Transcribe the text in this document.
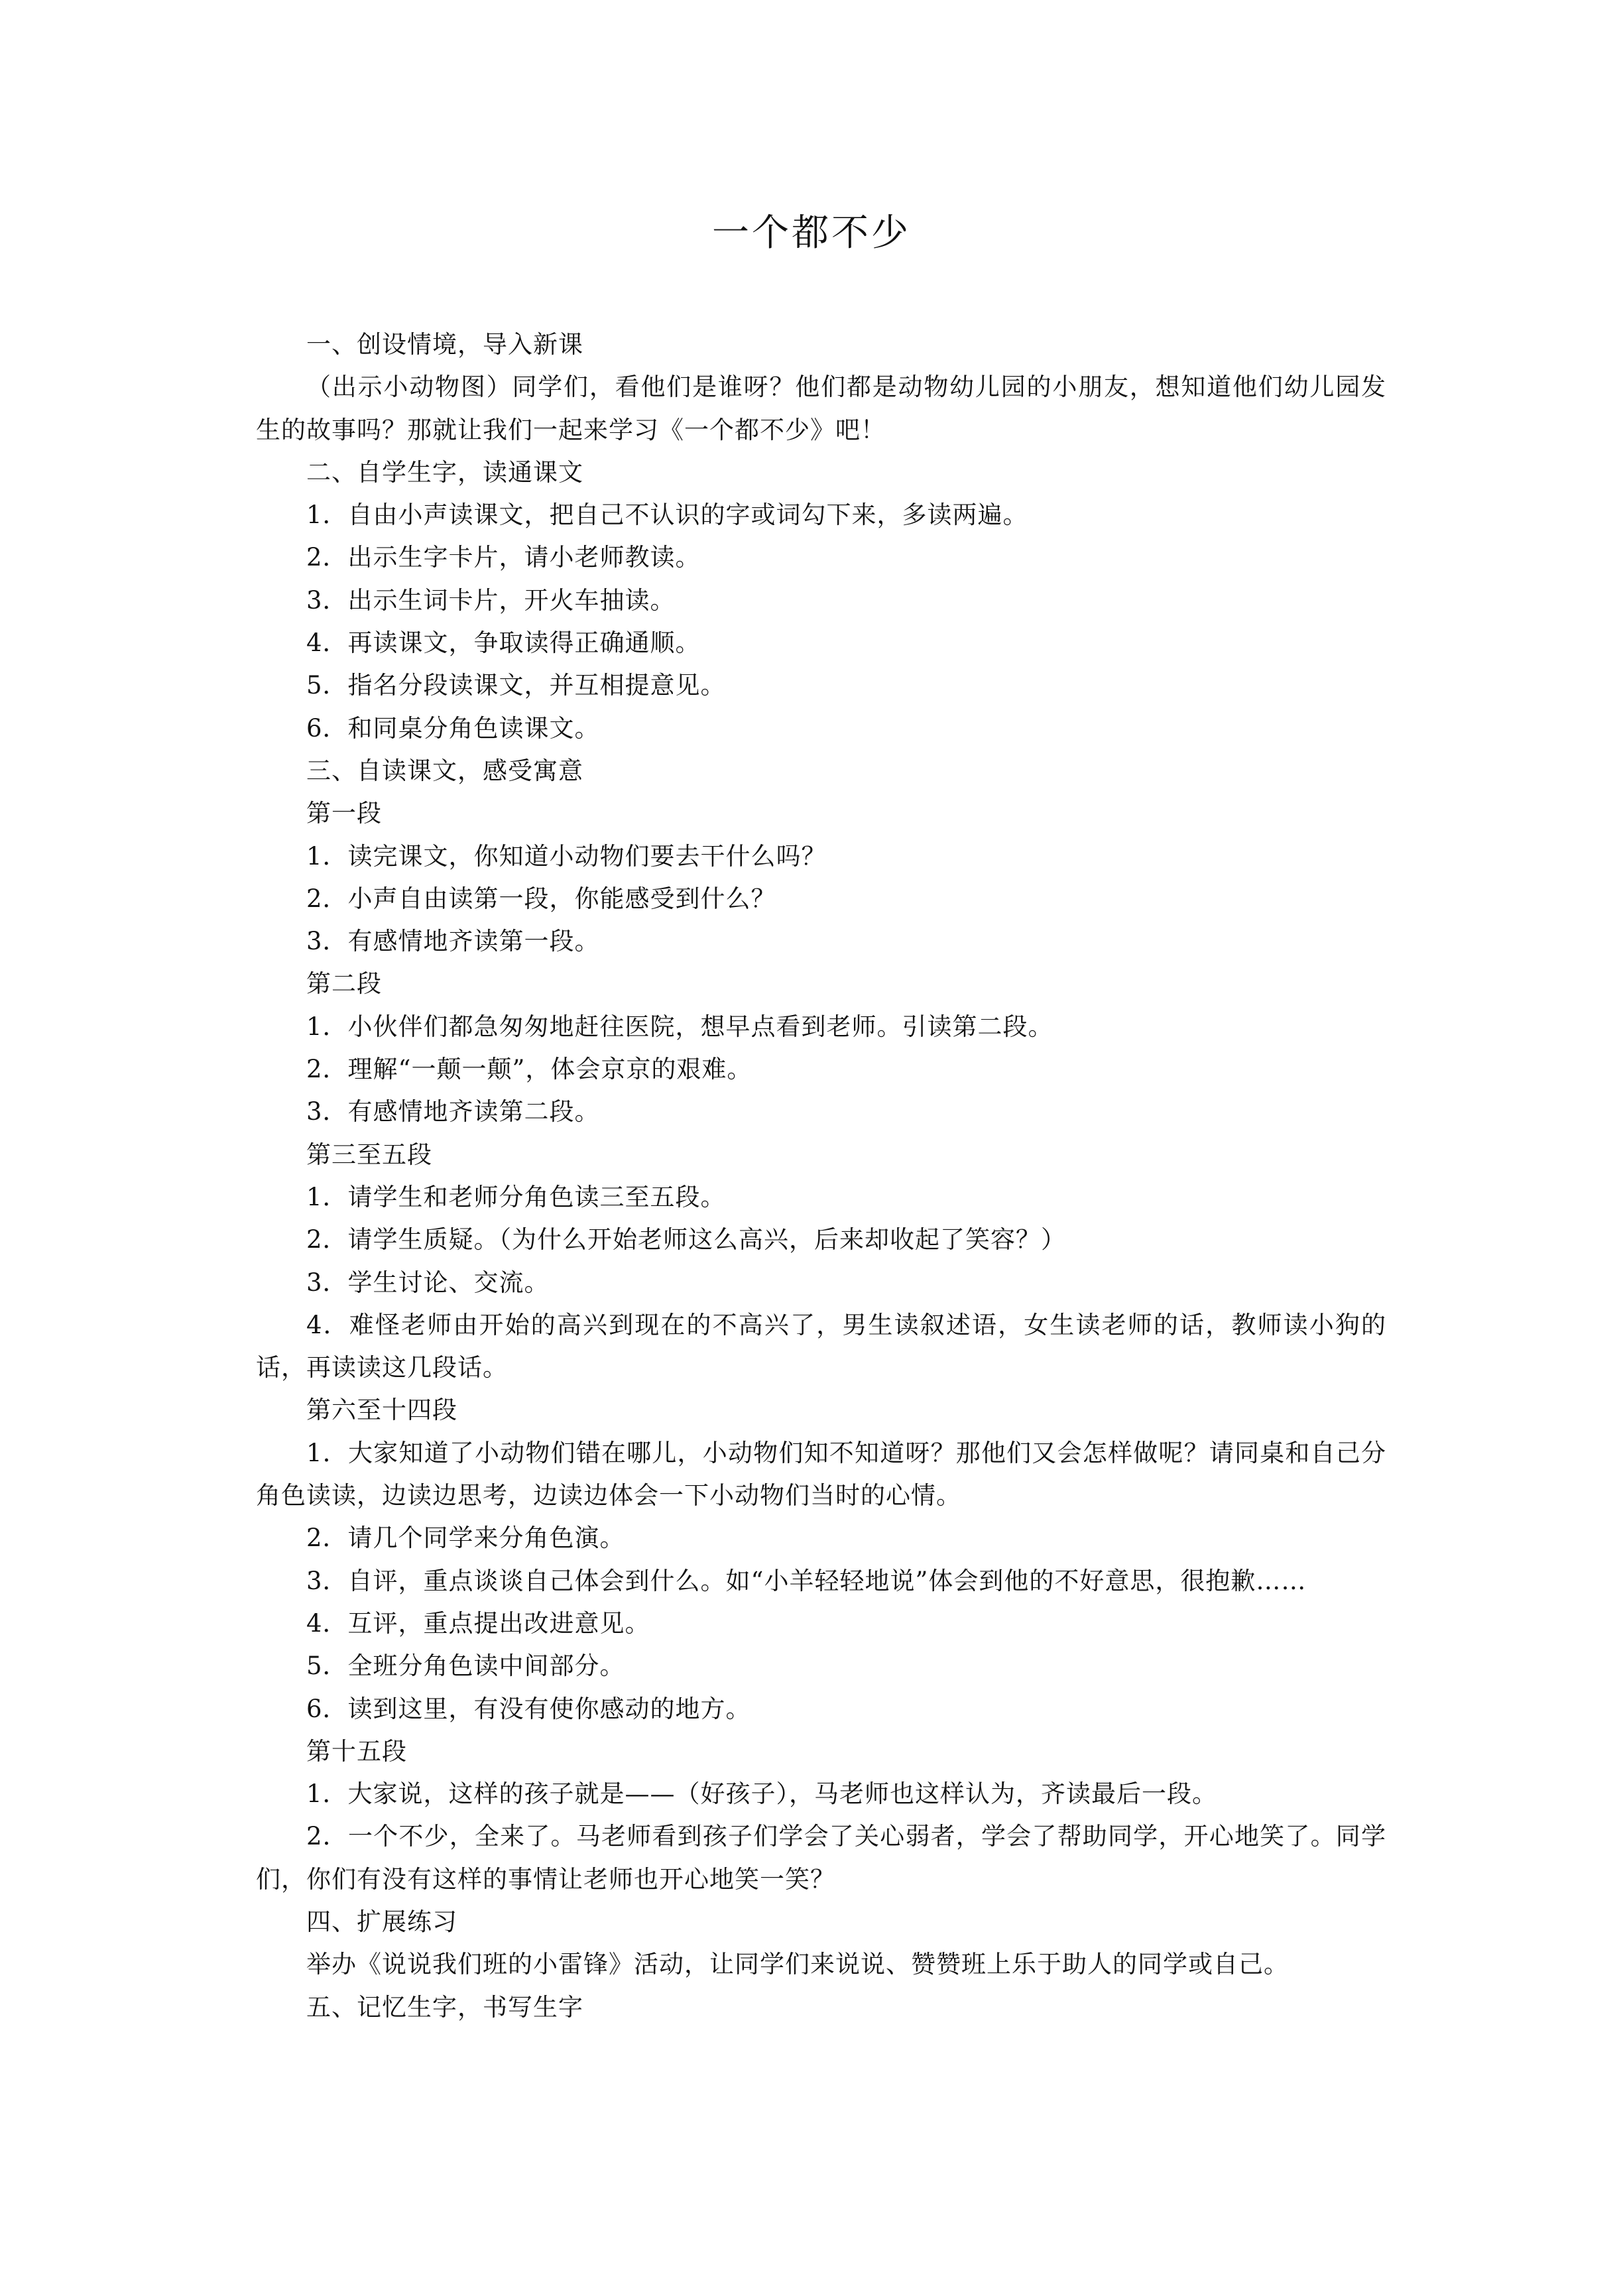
一个都不少

一、创设情境，导入新课

（出示小动物图）同学们，看他们是谁呀？他们都是动物幼儿园的小朋友，想知道他们幼儿园发生的故事吗？那就让我们一起来学习《一个都不少》吧！

二、自学生字，读通课文

1．自由小声读课文，把自己不认识的字或词勾下来，多读两遍。

2．出示生字卡片，请小老师教读。

3．出示生词卡片，开火车抽读。

4．再读课文，争取读得正确通顺。

5．指名分段读课文，并互相提意见。

6．和同桌分角色读课文。

三、自读课文，感受寓意

第一段

1．读完课文，你知道小动物们要去干什么吗？

2．小声自由读第一段，你能感受到什么？

3．有感情地齐读第一段。

第二段

1．小伙伴们都急匆匆地赶往医院，想早点看到老师。引读第二段。

2．理解“一颠一颠”，体会京京的艰难。

3．有感情地齐读第二段。

第三至五段

1．请学生和老师分角色读三至五段。

2．请学生质疑。（为什么开始老师这么高兴，后来却收起了笑容？）

3．学生讨论、交流。

4．难怪老师由开始的高兴到现在的不高兴了，男生读叙述语，女生读老师的话，教师读小狗的话，再读读这几段话。

第六至十四段

1．大家知道了小动物们错在哪儿，小动物们知不知道呀？那他们又会怎样做呢？请同桌和自己分角色读读，边读边思考，边读边体会一下小动物们当时的心情。

2．请几个同学来分角色演。

3．自评，重点谈谈自己体会到什么。如“小羊轻轻地说”体会到他的不好意思，很抱歉……

4．互评，重点提出改进意见。

5．全班分角色读中间部分。

6．读到这里，有没有使你感动的地方。

第十五段

1．大家说，这样的孩子就是——（好孩子），马老师也这样认为，齐读最后一段。

2．一个不少，全来了。马老师看到孩子们学会了关心弱者，学会了帮助同学，开心地笑了。同学们，你们有没有这样的事情让老师也开心地笑一笑？

四、扩展练习

举办《说说我们班的小雷锋》活动，让同学们来说说、赞赞班上乐于助人的同学或自己。

五、记忆生字，书写生字
